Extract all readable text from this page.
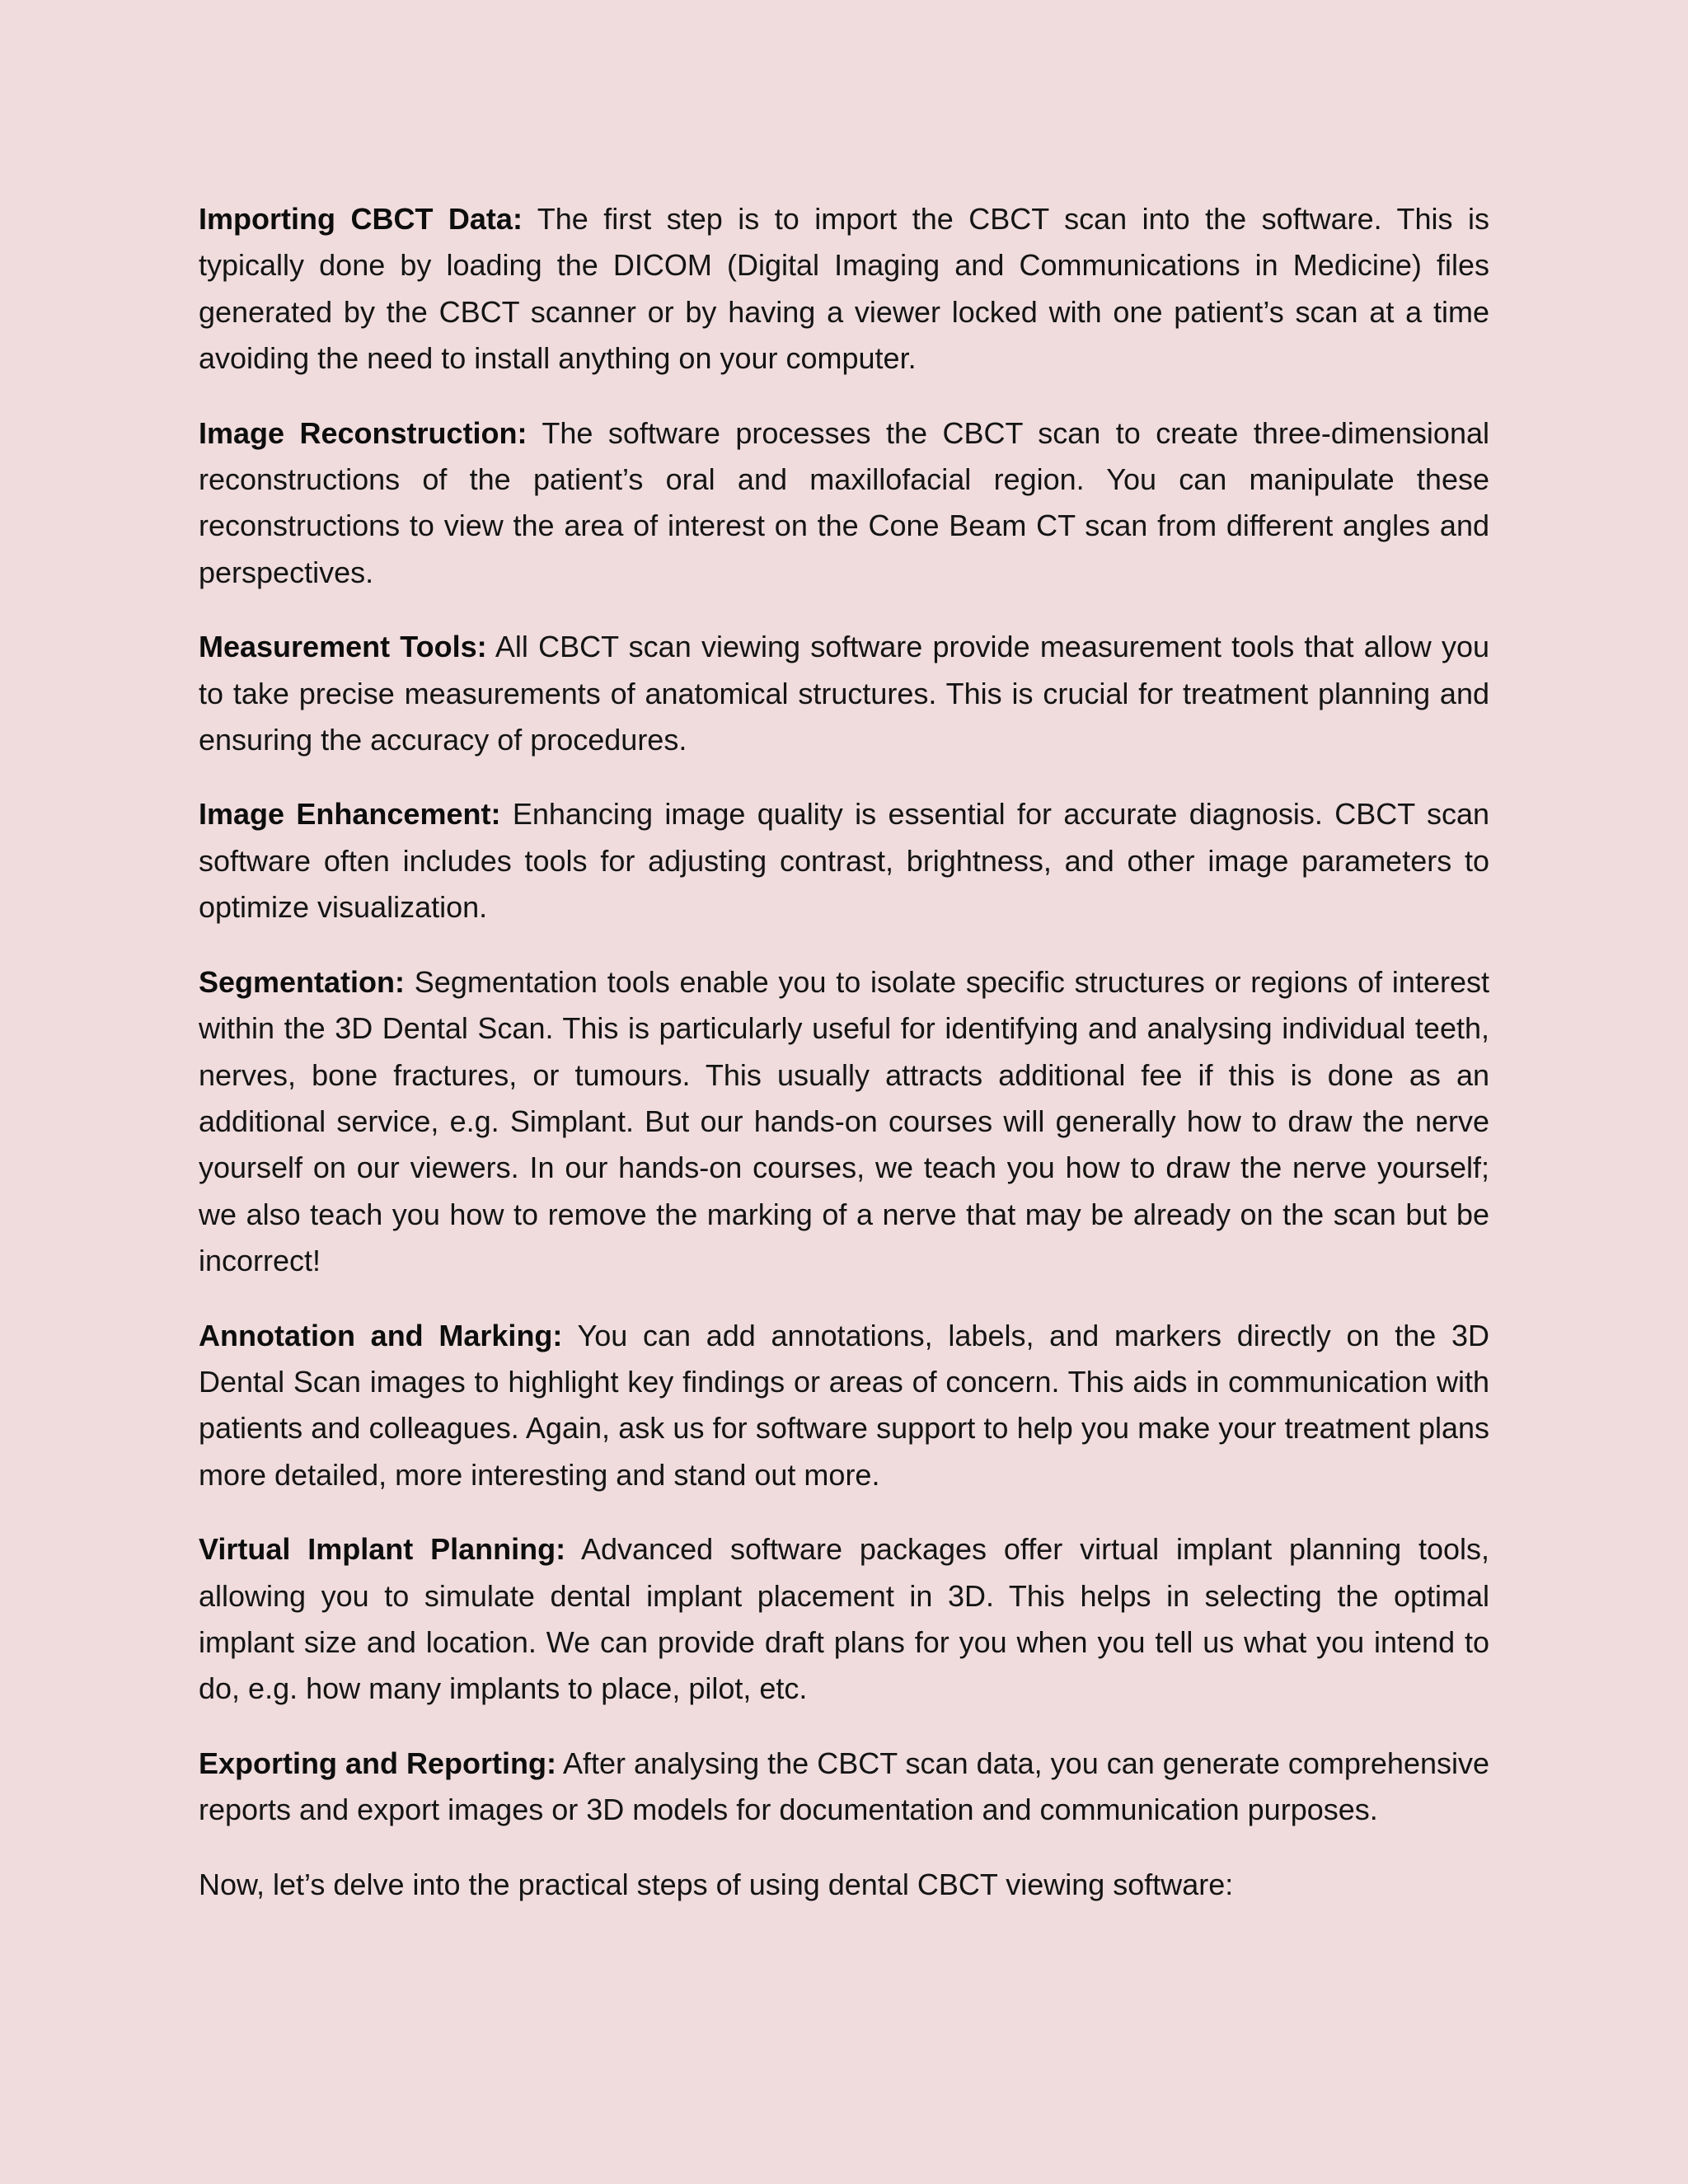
Importing CBCT Data: The first step is to import the CBCT scan into the software. This is typically done by loading the DICOM (Digital Imaging and Communications in Medicine) files generated by the CBCT scanner or by having a viewer locked with one patient’s scan at a time avoiding the need to install anything on your computer.

Image Reconstruction: The software processes the CBCT scan to create three-dimensional reconstructions of the patient’s oral and maxillofacial region. You can manipulate these reconstructions to view the area of interest on the Cone Beam CT scan from different angles and perspectives.

Measurement Tools: All CBCT scan viewing software provide measurement tools that allow you to take precise measurements of anatomical structures. This is crucial for treatment planning and ensuring the accuracy of procedures.

Image Enhancement: Enhancing image quality is essential for accurate diagnosis. CBCT scan software often includes tools for adjusting contrast, brightness, and other image parameters to optimize visualization.

Segmentation: Segmentation tools enable you to isolate specific structures or regions of interest within the 3D Dental Scan. This is particularly useful for identifying and analysing individual teeth, nerves, bone fractures, or tumours. This usually attracts additional fee if this is done as an additional service, e.g. Simplant. But our hands-on courses will generally how to draw the nerve yourself on our viewers. In our hands-on courses, we teach you how to draw the nerve yourself; we also teach you how to remove the marking of a nerve that may be already on the scan but be incorrect!

Annotation and Marking: You can add annotations, labels, and markers directly on the 3D Dental Scan images to highlight key findings or areas of concern. This aids in communication with patients and colleagues. Again, ask us for software support to help you make your treatment plans more detailed, more interesting and stand out more.

Virtual Implant Planning: Advanced software packages offer virtual implant planning tools, allowing you to simulate dental implant placement in 3D. This helps in selecting the optimal implant size and location. We can provide draft plans for you when you tell us what you intend to do, e.g. how many implants to place, pilot, etc.

Exporting and Reporting: After analysing the CBCT scan data, you can generate comprehensive reports and export images or 3D models for documentation and communication purposes.

Now, let’s delve into the practical steps of using dental CBCT viewing software:
